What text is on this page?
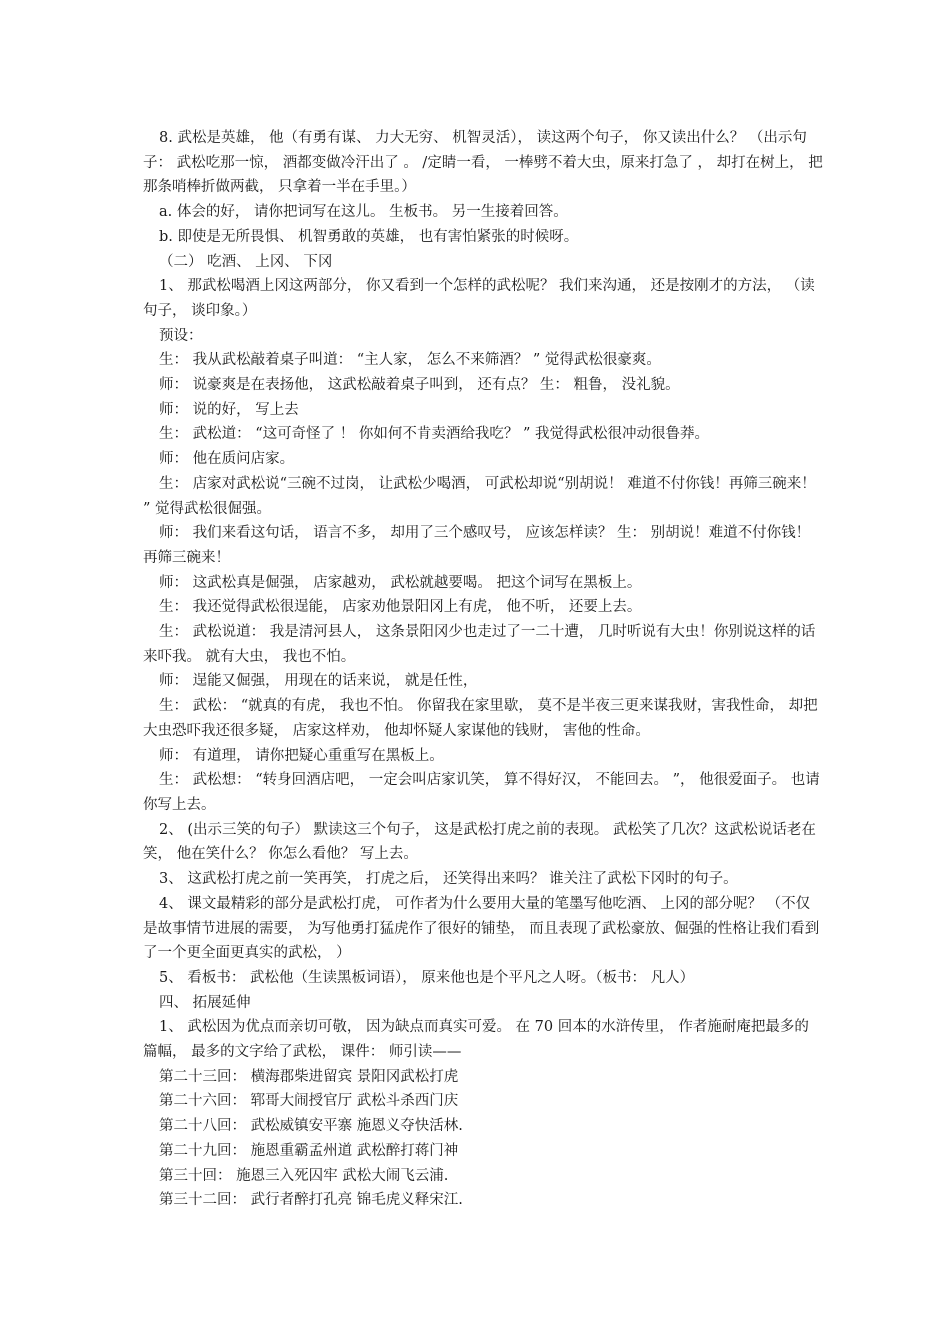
8. 武松是英雄， 他（有勇有谋、 力大无穷、 机智灵活）， 读这两个句子， 你又读出什么？ （出示句子： 武松吃那一惊， 酒都变做冷汗出了 。 /定睛一看， 一棒劈不着大虫，原来打急了 ， 却打在树上， 把那条哨棒折做两截， 只拿着一半在手里。）

a. 体会的好， 请你把词写在这儿。 生板书。 另一生接着回答。

b. 即使是无所畏惧、 机智勇敢的英雄， 也有害怕紧张的时候呀。

（二） 吃酒、 上冈、 下冈

1、 那武松喝酒上冈这两部分， 你又看到一个怎样的武松呢？ 我们来沟通， 还是按刚才的方法， （读句子， 谈印象。）

预设：

生： 我从武松敲着桌子叫道： “主人家， 怎么不来筛酒？ ” 觉得武松很豪爽。

师： 说豪爽是在表扬他， 这武松敲着桌子叫到， 还有点？ 生： 粗鲁， 没礼貌。

师： 说的好， 写上去

生： 武松道： “这可奇怪了 ！ 你如何不肯卖酒给我吃？ ” 我觉得武松很冲动很鲁莽。

师： 他在质问店家。

生： 店家对武松说“三碗不过岗， 让武松少喝酒， 可武松却说“别胡说！ 难道不付你钱！再筛三碗来！ ” 觉得武松很倔强。

师： 我们来看这句话， 语言不多， 却用了三个感叹号， 应该怎样读？ 生： 别胡说！难道不付你钱！ 再筛三碗来！

师： 这武松真是倔强， 店家越劝， 武松就越要喝。 把这个词写在黑板上。

生： 我还觉得武松很逞能， 店家劝他景阳冈上有虎， 他不听， 还要上去。

生： 武松说道： 我是清河县人， 这条景阳冈少也走过了一二十遭， 几时听说有大虫！你别说这样的话来吓我。 就有大虫， 我也不怕。

师： 逞能又倔强， 用现在的话来说， 就是任性，

生： 武松： “就真的有虎， 我也不怕。 你留我在家里歇， 莫不是半夜三更来谋我财，害我性命， 却把大虫恐吓我还很多疑， 店家这样劝， 他却怀疑人家谋他的钱财， 害他的性命。

师： 有道理， 请你把疑心重重写在黑板上。

生： 武松想： “转身回酒店吧， 一定会叫店家讥笑， 算不得好汉， 不能回去。 ”， 他很爱面子。 也请你写上去。

2、 (出示三笑的句子） 默读这三个句子， 这是武松打虎之前的表现。 武松笑了几次？这武松说话老在笑， 他在笑什么？ 你怎么看他？ 写上去。

3、 这武松打虎之前一笑再笑， 打虎之后， 还笑得出来吗？ 谁关注了武松下冈时的句子。

4、 课文最精彩的部分是武松打虎， 可作者为什么要用大量的笔墨写他吃酒、 上冈的部分呢？ （不仅是故事情节进展的需要， 为写他勇打猛虎作了很好的铺垫， 而且表现了武松豪放、倔强的性格让我们看到了一个更全面更真实的武松， ）

5、 看板书： 武松他（生读黑板词语）， 原来他也是个平凡之人呀。（板书： 凡人）

四、 拓展延伸

1、 武松因为优点而亲切可敬， 因为缺点而真实可爱。 在 70 回本的水浒传里， 作者施耐庵把最多的篇幅， 最多的文字给了武松， 课件： 师引读——

第二十三回： 横海郡柴进留宾 景阳冈武松打虎

第二十六回： 郓哥大闹授官厅 武松斗杀西门庆

第二十八回： 武松威镇安平寨 施恩义夺快活林.

第二十九回： 施恩重霸孟州道 武松醉打蒋门神

第三十回： 施恩三入死囚牢 武松大闹飞云浦.

第三十二回： 武行者醉打孔亮 锦毛虎义释宋江.
